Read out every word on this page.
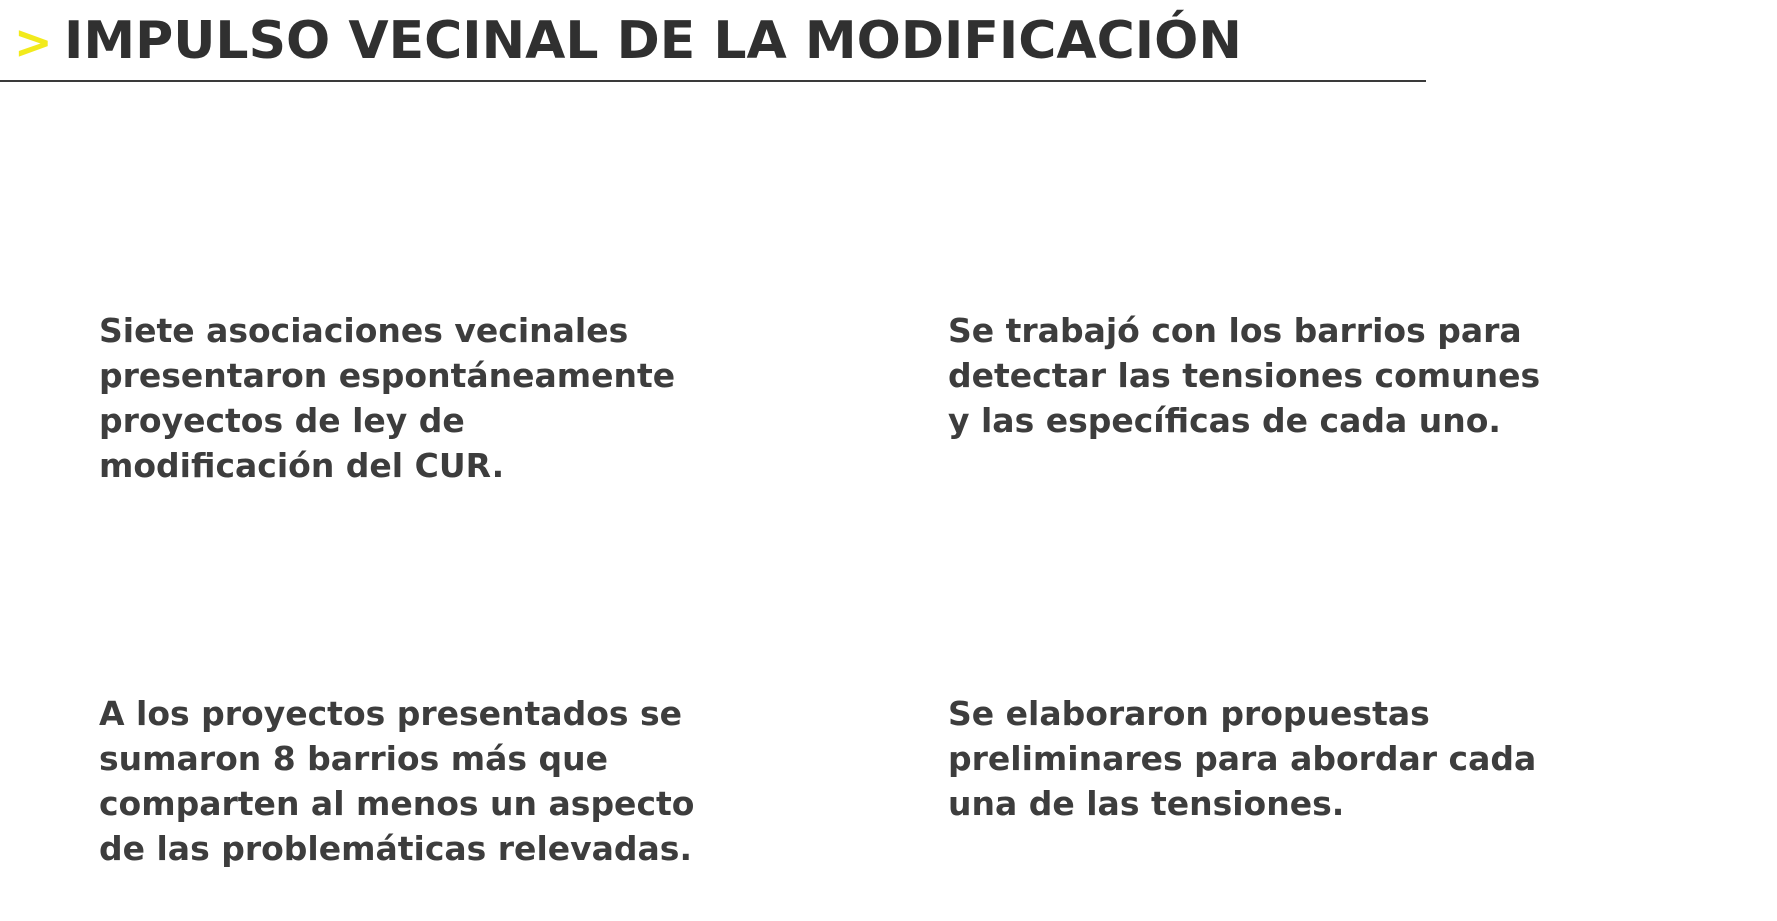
> IMPULSO VECINAL DE LA MODIFICACIÓN

Siete asociaciones vecinales
presentaron espontáneamente
proyectos de ley de
modificación del CUR.

Se trabajó con los barrios para
detectar las tensiones comunes
y las específicas de cada uno.

A los proyectos presentados se
sumaron 8 barrios más que
comparten al menos un aspecto
de las problemáticas relevadas.

Se elaboraron propuestas
preliminares para abordar cada
una de las tensiones.
